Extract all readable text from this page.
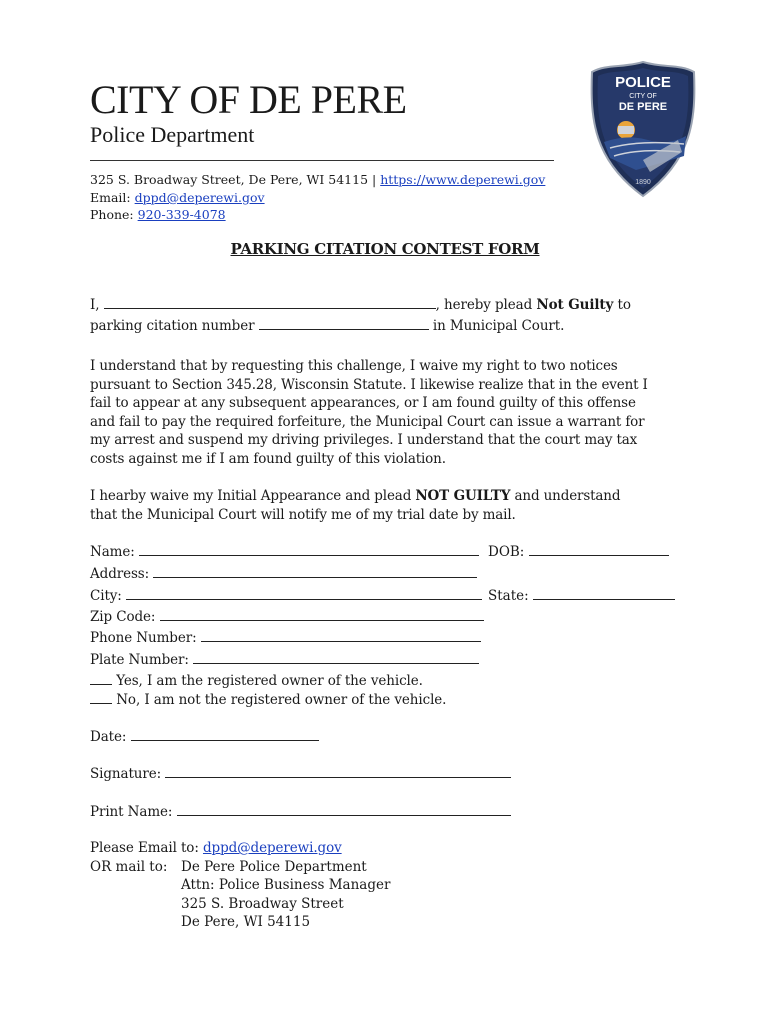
CITY OF DE PERE
Police Department
325 S. Broadway Street, De Pere, WI 54115 | https://www.deperewi.gov
Email: dppd@deperewi.gov
Phone: 920-339-4078
POLICE
CITY OF
DE PERE
1890
PARKING CITATION CONTEST FORM
I,	, hereby plead Not Guilty to
parking citation number	in Municipal Court.

I understand that by requesting this challenge, I waive my right to two notices

pursuant to Section 345.28, Wisconsin Statute. I likewise realize that in the event I

fail to appear at any subsequent appearances, or I am found guilty of this offense

and fail to pay the required forfeiture, the Municipal Court can issue a warrant for

my arrest and suspend my driving privileges. I understand that the court may tax

costs against me if I am found guilty of this violation.

I hearby waive my Initial Appearance and plead NOT GUILTY and understand

that the Municipal Court will notify me of my trial date by mail.

Name:	DOB:
Address:
City:	State:
Zip Code:
Phone Number:
Plate Number:
Yes, I am the registered owner of the vehicle.
No, I am not the registered owner of the vehicle.
Date:
Signature:
Print Name:
Please Email to: dppd@deperewi.gov
OR mail to: De Pere Police Department
Attn: Police Business Manager
325 S. Broadway Street
De Pere, WI 54115
